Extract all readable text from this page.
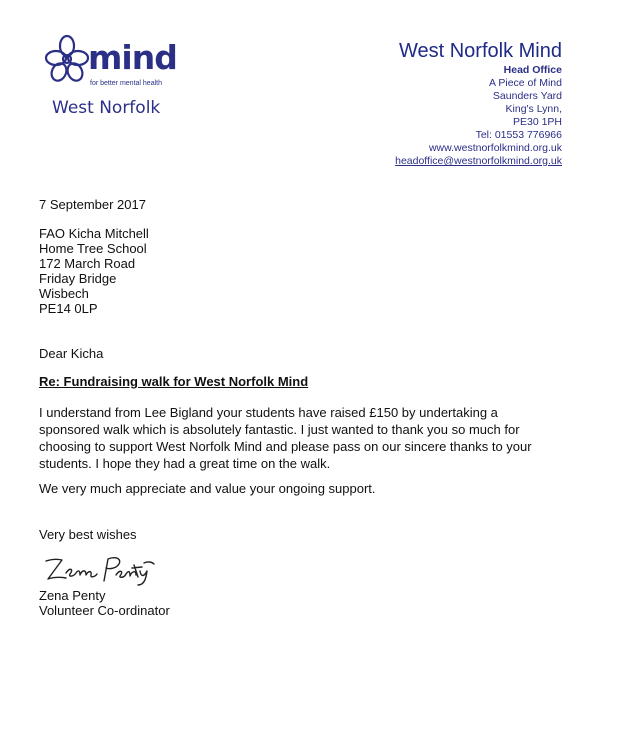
mind
for better mental health
West Norfolk
West Norfolk Mind
Head Office
A Piece of Mind
Saunders Yard
King's Lynn,
PE30 1PH
Tel: 01553 776966
www.westnorfolkmind.org.uk
headoffice@westnorfolkmind.org.uk
7 September 2017
FAO Kicha Mitchell
Home Tree School
172 March Road
Friday Bridge
Wisbech
PE14 0LP
Dear Kicha
Re: Fundraising walk for West Norfolk Mind
I understand from Lee Bigland your students have raised £150 by undertaking a
sponsored walk which is absolutely fantastic. I just wanted to thank you so much for
choosing to support West Norfolk Mind and please pass on our sincere thanks to your
students. I hope they had a great time on the walk.
We very much appreciate and value your ongoing support.
Very best wishes
Zena Penty
Volunteer Co-ordinator
